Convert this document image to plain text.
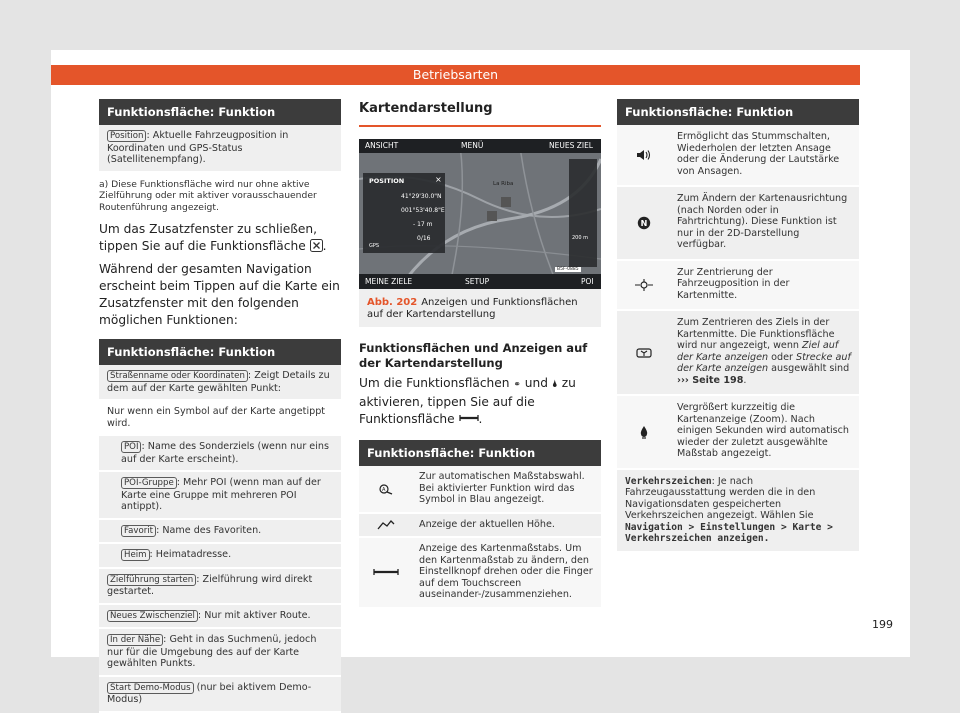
Betriebsarten
Funktionsfläche: Funktion
Position : Aktuelle Fahrzeugposition in Koordinaten und GPS-Status (Satellitenempfang).

a) Diese Funktionsfläche wird nur ohne aktive Zielführung oder mit aktiver vorausschauender Routenführung angezeigt.

Um das Zusatzfenster zu schließen, tippen Sie auf die Funktionsfläche .

Während der gesamten Navigation erscheint beim Tippen auf die Karte ein Zusatzfenster mit den folgenden möglichen Funktionen:

Funktionsfläche: Funktion
Straßenname oder Koordinaten : Zeigt Details zu dem auf der Karte gewählten Punkt:
Nur wenn ein Symbol auf der Karte angetippt wird.
POI : Name des Sonderziels (wenn nur eins auf der Karte erscheint).
POI-Gruppe : Mehr POI (wenn man auf der Karte eine Gruppe mit mehreren POI antippt).
Favorit : Name des Favoriten.
Heim : Heimatadresse.
Zielführung starten : Zielführung wird direkt gestartet.
Neues Zwischenziel : Nur mit aktiver Route.
In der Nähe : Geht in das Suchmenü, jedoch nur für die Umgebung des auf der Karte gewählten Punkts.
Start Demo-Modus (nur bei aktivem Demo-Modus)
Kartendarstellung
ANSICHT	MENÜ	NEUES ZIEL
POSITION	×
41°29'30.0"N
001°53'40.8"E
- 17 m
0/16
GPS
La Riba
200 m
MEINE ZIELE	SETUP	POI
B5F-0885
Abb. 202 Anzeigen und Funktionsflächen auf der Kartendarstellung
Funktionsflächen und Anzeigen auf der Kartendarstellung

Um die Funktionsflächen ⚭ und 🌢 zu aktivieren, tippen Sie auf die Funktionsfläche .

Funktionsfläche: Funktion
A
Zur automatischen Maßstabswahl. Bei aktivierter Funktion wird das Symbol in Blau angezeigt.
Anzeige der aktuellen Höhe.
Anzeige des Kartenmaßstabs. Um den Kartenmaßstab zu ändern, den Einstellknopf drehen oder die Finger auf dem Touchscreen auseinander-/zusammenziehen.
Funktionsfläche: Funktion
Ermöglicht das Stummschalten, Wiederholen der letzten Ansage oder die Änderung der Lautstärke von Ansagen.
N
Zum Ändern der Kartenausrichtung (nach Norden oder in Fahrtrichtung). Diese Funktion ist nur in der 2D-Darstellung verfügbar.
Zur Zentrierung der Fahrzeugposition in der Kartenmitte.
Zum Zentrieren des Ziels in der Kartenmitte. Die Funktionsfläche wird nur angezeigt, wenn Ziel auf der Karte anzeigen oder Strecke auf der Karte anzeigen ausgewählt sind ››› Seite 198.
Vergrößert kurzzeitig die Kartenanzeige (Zoom). Nach einigen Sekunden wird automatisch wieder der zuletzt ausgewählte Maßstab angezeigt.
Verkehrszeichen: Je nach Fahrzeugausstattung werden die in den Navigationsdaten gespeicherten Verkehrszeichen angezeigt. Wählen Sie Navigation > Einstellungen > Karte > Verkehrszeichen anzeigen.
199
